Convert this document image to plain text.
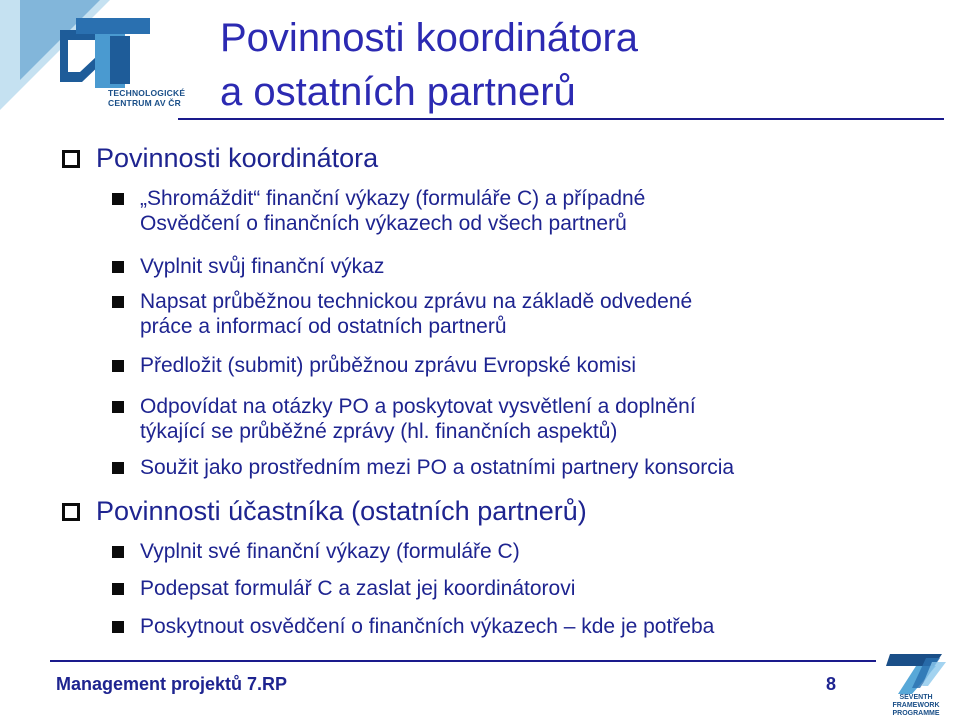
TECHNOLOGICKÉ CENTRUM AV ČR
Povinnosti koordinátora
a ostatních partnerů
Povinnosti koordinátora
„Shromáždit“ finanční výkazy (formuláře C) a případné
Osvědčení o finančních výkazech od všech partnerů
Vyplnit svůj finanční výkaz
Napsat průběžnou technickou zprávu na základě odvedené
práce a informací od ostatních partnerů
Předložit (submit) průběžnou zprávu Evropské komisi
Odpovídat na otázky PO a poskytovat vysvětlení a doplnění
týkající se průběžné zprávy (hl. finančních aspektů)
Soužit jako prostředním mezi PO a ostatními partnery konsorcia
Povinnosti účastníka (ostatních partnerů)
Vyplnit své finanční výkazy (formuláře C)
Podepsat formulář C a zaslat jej koordinátorovi
Poskytnout osvědčení o finančních výkazech – kde je potřeba
Management projektů 7.RP	8
SEVENTH FRAMEWORK PROGRAMME
